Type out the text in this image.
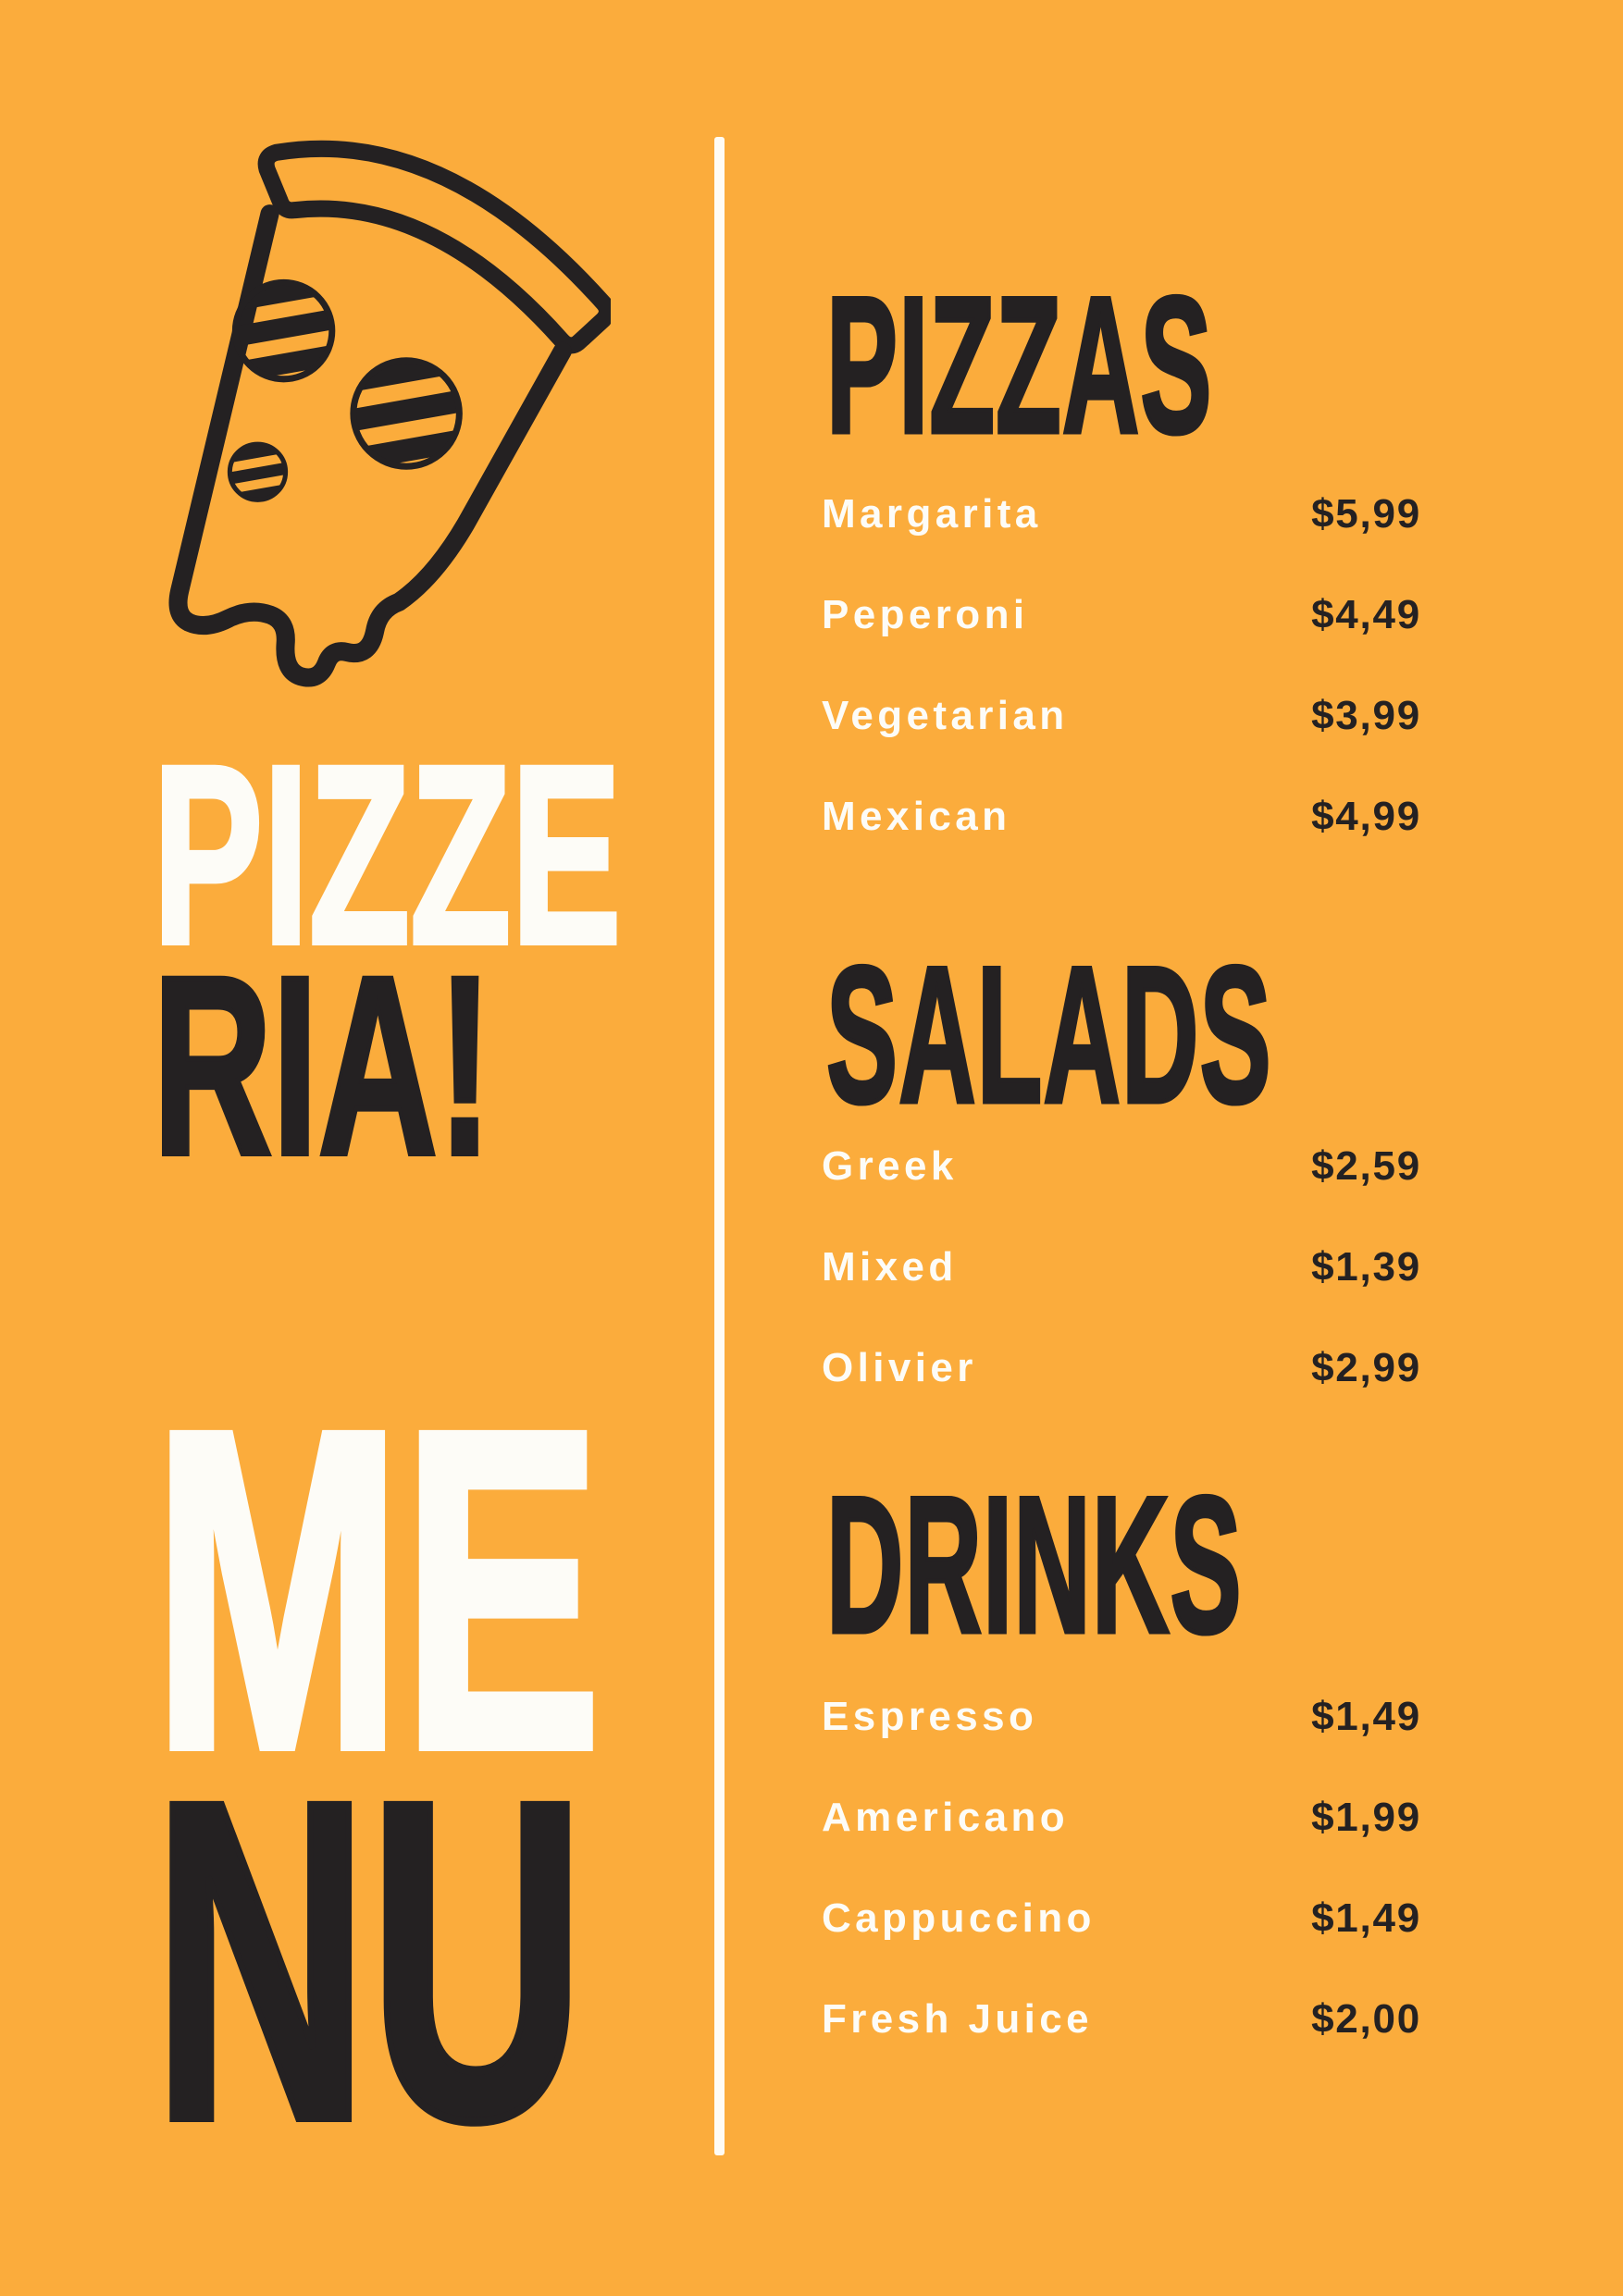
PIZZE
RIA!
ME
NU
PIZZAS
Margarita	$5,99
Peperoni	$4,49
Vegetarian	$3,99
Mexican	$4,99
SALADS
Greek	$2,59
Mixed	$1,39
Olivier	$2,99
DRINKS
Espresso	$1,49
Americano	$1,99
Cappuccino	$1,49
Fresh Juice	$2,00
